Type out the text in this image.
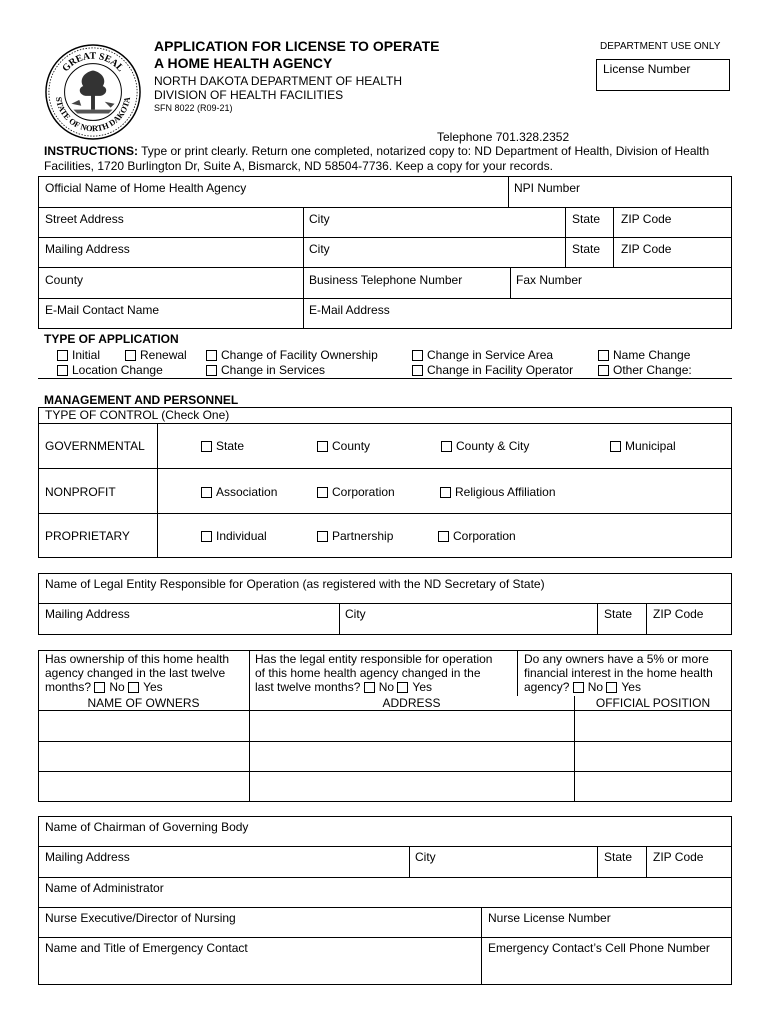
GREAT SEAL
STATE OF NORTH DAKOTA
APPLICATION FOR LICENSE TO OPERATE
A HOME HEALTH AGENCY
NORTH DAKOTA DEPARTMENT OF HEALTH
DIVISION OF HEALTH FACILITIES
SFN 8022 (R09-21)
DEPARTMENT USE ONLY
License Number
Telephone 701.328.2352
INSTRUCTIONS: Type or print clearly. Return one completed, notarized copy to: ND Department of Health, Division of Health Facilities, 1720 Burlington Dr, Suite A, Bismarck, ND 58504-7736. Keep a copy for your records.
Official Name of Home Health Agency	NPI Number
Street Address	City	State ZIP Code
Mailing Address	City	State ZIP Code
County	Business Telephone Number	Fax Number
E-Mail Contact Name	E-Mail Address
TYPE OF APPLICATION
Initial	Renewal	Change of Facility Ownership	Change in Service Area	Name Change
Location Change	Change in Services	Change in Facility Operator	Other Change:
MANAGEMENT AND PERSONNEL
TYPE OF CONTROL (Check One)
GOVERNMENTAL	State	County	County & City	Municipal
NONPROFIT	Association	Corporation	Religious Affiliation
PROPRIETARY	Individual	Partnership	Corporation
Name of Legal Entity Responsible for Operation (as registered with the ND Secretary of State)
Mailing Address	City	State ZIP Code
Has ownership of this home health
agency changed in the last twelve
months? No Yes
Has the legal entity responsible for operation
of this home health agency changed in the
last twelve months? No Yes
Do any owners have a 5% or more
financial interest in the home health
agency? No Yes
NAME OF OWNERS	ADDRESS	OFFICIAL POSITION
Name of Chairman of Governing Body
Mailing Address	City	State ZIP Code
Name of Administrator
Nurse Executive/Director of Nursing	Nurse License Number
Name and Title of Emergency Contact	Emergency Contact’s Cell Phone Number
